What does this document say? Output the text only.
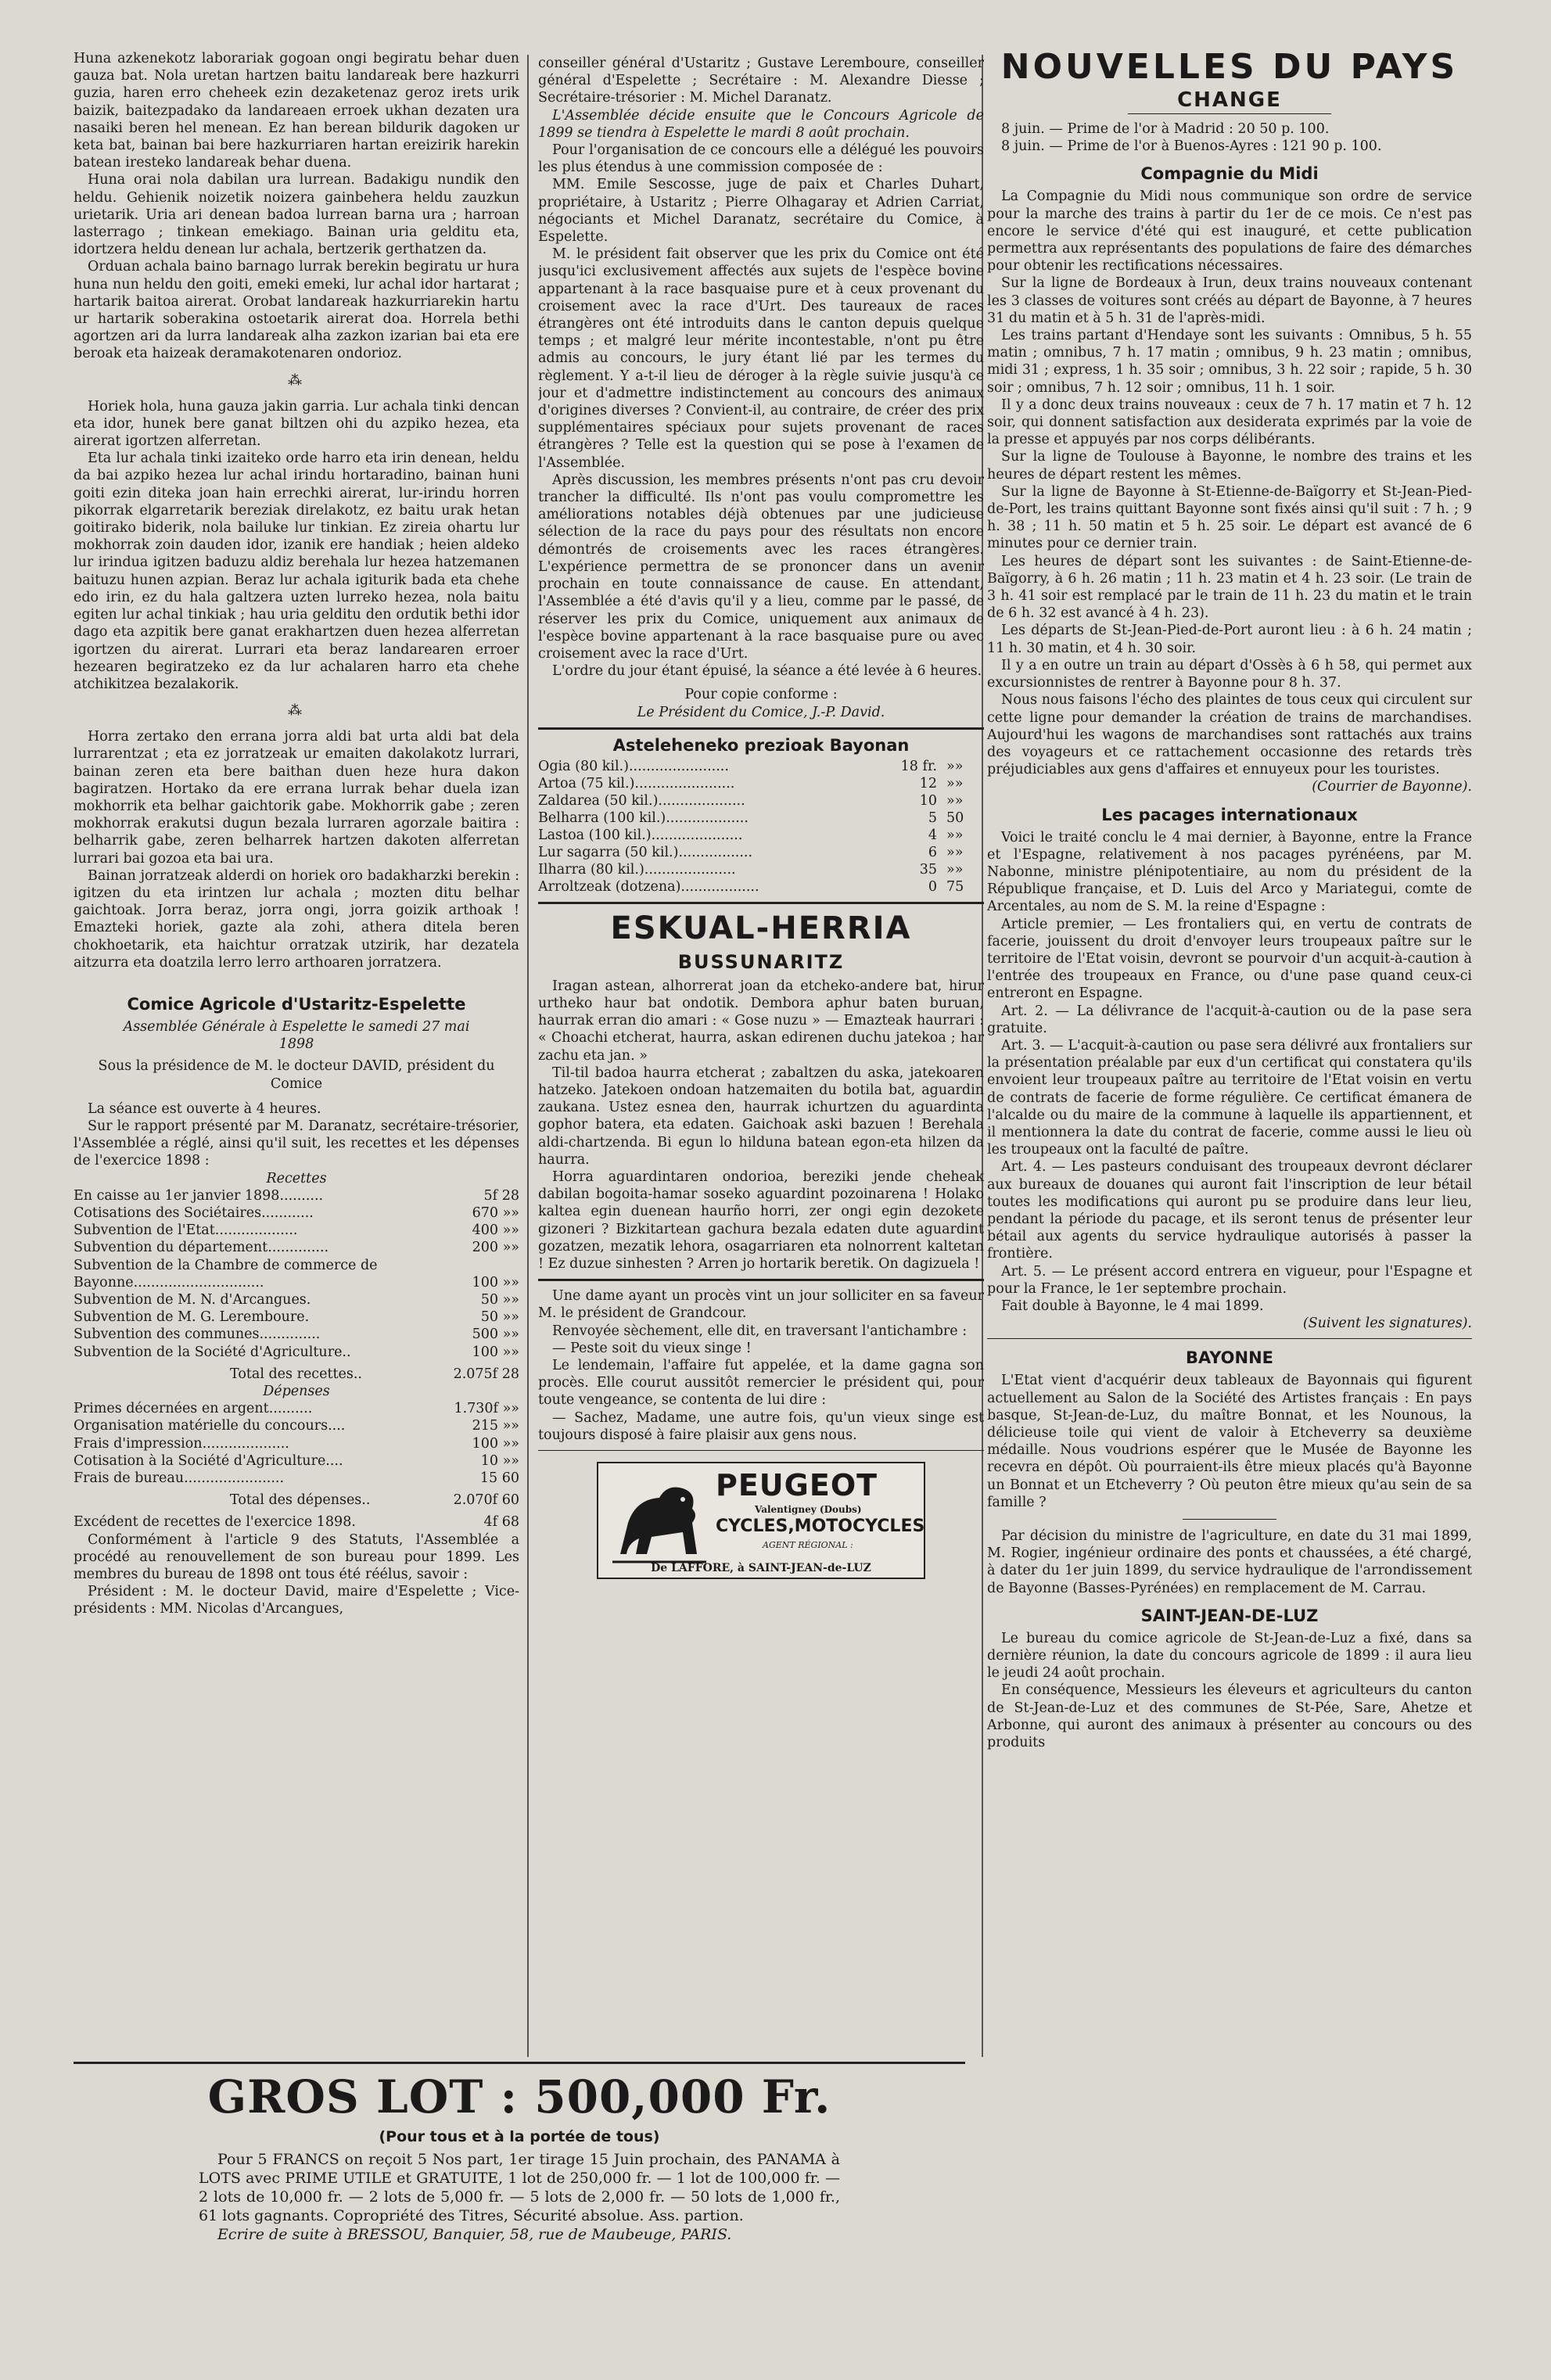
Huna azkenekotz laborariak gogoan ongi begiratu behar duen gauza bat. Nola uretan hartzen baitu landareak bere hazkurri guzia, haren erro cheheek ezin dezaketenaz geroz irets urik baizik, baitezpadako da landareaen erroek ukhan dezaten ura nasaiki beren hel menean. Ez han berean bildurik dagoken ur keta bat, bainan bai bere hazkurriaren hartan ereizirik harekin batean iresteko landareak behar duena.

Huna orai nola dabilan ura lurrean. Badakigu nundik den heldu. Gehienik noizetik noizera gainbehera heldu zauzkun urietarik. Uria ari denean badoa lurrean barna ura ; harroan lasterrago ; tinkean emekiago. Bainan uria gelditu eta, idortzera heldu denean lur achala, bertzerik gerthatzen da.

Orduan achala baino barnago lurrak berekin begiratu ur hura huna nun heldu den goiti, emeki emeki, lur achal idor hartarat ; hartarik baitoa airerat. Orobat landareak hazkurriarekin hartu ur hartarik soberakina ostoetarik airerat doa. Horrela bethi agortzen ari da lurra landareak alha zazkon izarian bai eta ere beroak eta haizeak deramakotenaren ondorioz.

⁂

Horiek hola, huna gauza jakin garria. Lur achala tinki dencan eta idor, hunek bere ganat biltzen ohi du azpiko hezea, eta airerat igortzen alferretan.

Eta lur achala tinki izaiteko orde harro eta irin denean, heldu da bai azpiko hezea lur achal irindu hortaradino, bainan huni goiti ezin diteka joan hain errechki airerat, lur-irindu horren pikorrak elgarretarik bereziak direlakotz, ez baitu urak hetan goitirako biderik, nola bailuke lur tinkian. Ez zireia ohartu lur mokhorrak zoin dauden idor, izanik ere handiak ; heien aldeko lur irindua igitzen baduzu aldiz berehala lur hezea hatzemanen baituzu hunen azpian. Beraz lur achala igiturik bada eta chehe edo irin, ez du hala galtzera uzten lurreko hezea, nola baitu egiten lur achal tinkiak ; hau uria gelditu den ordutik bethi idor dago eta azpitik bere ganat erakhartzen duen hezea alferretan igortzen du airerat. Lurrari eta beraz landarearen erroer hezearen begiratzeko ez da lur achalaren harro eta chehe atchikitzea bezalakorik.

⁂

Horra zertako den errana jorra aldi bat urta aldi bat dela lurrarentzat ; eta ez jorratzeak ur emaiten dakolakotz lurrari, bainan zeren eta bere baithan duen heze hura dakon bagiratzen. Hortako da ere errana lurrak behar duela izan mokhorrik eta belhar gaichtorik gabe. Mokhorrik gabe ; zeren mokhorrak erakutsi dugun bezala lurraren agorzale baitira : belharrik gabe, zeren belharrek hartzen dakoten alferretan lurrari bai gozoa eta bai ura.

Bainan jorratzeak alderdi on horiek oro badakharzki berekin : igitzen du eta irintzen lur achala ; mozten ditu belhar gaichtoak. Jorra beraz, jorra ongi, jorra goizik arthoak ! Emazteki horiek, gazte ala zohi, athera ditela beren chokhoetarik, eta haichtur orratzak utzirik, har dezatela aitzurra eta doatzila lerro lerro arthoaren jorratzera.

Comice Agricole d'Ustaritz-Espelette

Assemblée Générale à Espelette le samedi 27 mai 1898

Sous la présidence de M. le docteur DAVID, président du Comice

La séance est ouverte à 4 heures.

Sur le rapport présenté par M. Daranatz, secrétaire-trésorier, l'Assemblée a réglé, ainsi qu'il suit, les recettes et les dépenses de l'exercice 1898 :

Recettes

En caisse au 1er janvier 1898..........	5f 28
Cotisations des Sociétaires............	670 »»
Subvention de l'Etat...................	400 »»
Subvention du département..............	200 »»
Subvention de la Chambre de commerce de	
Bayonne..............................	100 »»
Subvention de M. N. d'Arcangues.	50 »»
Subvention de M. G. Leremboure.	50 »»
Subvention des communes..............	500 »»
Subvention de la Société d'Agriculture..	100 »»
Total des recettes..	2.075f 28

Dépenses

Primes décernées en argent..........	1.730f »»
Organisation matérielle du concours....	215 »»
Frais d'impression....................	100 »»
Cotisation à la Société d'Agriculture....	10 »»
Frais de bureau.......................	15 60
Total des dépenses..	2.070f 60
Excédent de recettes de l'exercice 1898.	4f 68

Conformément à l'article 9 des Statuts, l'Assemblée a procédé au renouvellement de son bureau pour 1899. Les membres du bureau de 1898 ont tous été réélus, savoir :

Président : M. le docteur David, maire d'Espelette ; Vice-présidents : MM. Nicolas d'Arcangues,

conseiller général d'Ustaritz ; Gustave Leremboure, conseiller général d'Espelette ; Secrétaire : M. Alexandre Diesse ; Secrétaire-trésorier : M. Michel Daranatz.

L'Assemblée décide ensuite que le Concours Agricole de 1899 se tiendra à Espelette le mardi 8 août prochain.

Pour l'organisation de ce concours elle a délégué les pouvoirs les plus étendus à une commission composée de :

MM. Emile Sescosse, juge de paix et Charles Duhart, propriétaire, à Ustaritz ; Pierre Olhagaray et Adrien Carriat, négociants et Michel Daranatz, secrétaire du Comice, à Espelette.

M. le président fait observer que les prix du Comice ont été jusqu'ici exclusivement affectés aux sujets de l'espèce bovine appartenant à la race basquaise pure et à ceux provenant du croisement avec la race d'Urt. Des taureaux de races étrangères ont été introduits dans le canton depuis quelque temps ; et malgré leur mérite incontestable, n'ont pu être admis au concours, le jury étant lié par les termes du règlement. Y a-t-il lieu de déroger à la règle suivie jusqu'à ce jour et d'admettre indistinctement au concours des animaux d'origines diverses ? Convient-il, au contraire, de créer des prix supplémentaires spéciaux pour sujets provenant de races étrangères ? Telle est la question qui se pose à l'examen de l'Assemblée.

Après discussion, les membres présents n'ont pas cru devoir trancher la difficulté. Ils n'ont pas voulu compromettre les améliorations notables déjà obtenues par une judicieuse sélection de la race du pays pour des résultats non encore démontrés de croisements avec les races étrangères. L'expérience permettra de se prononcer dans un avenir prochain en toute connaissance de cause. En attendant, l'Assemblée a été d'avis qu'il y a lieu, comme par le passé, de réserver les prix du Comice, uniquement aux animaux de l'espèce bovine appartenant à la race basquaise pure ou avec croisement avec la race d'Urt.

L'ordre du jour étant épuisé, la séance a été levée à 6 heures.

Pour copie conforme :

Le Président du Comice, J.-P. David.

Asteleheneko prezioak Bayonan
Ogia (80 kil.).......................	18 fr.	»»
Artoa (75 kil.).......................	12	»»
Zaldarea (50 kil.)....................	10	»»
Belharra (100 kil.)...................	5	50
Lastoa (100 kil.).....................	4	»»
Lur sagarra (50 kil.).................	6	»»
Ilharra (80 kil.).....................	35	»»
Arroltzeak (dotzena)..................	0	75
ESKUAL-HERRIA
BUSSUNARITZ

Iragan astean, alhorrerat joan da etcheko-andere bat, hirur urtheko haur bat ondotik. Dembora aphur baten buruan, haurrak erran dio amari : « Gose nuzu » — Emazteak haurrari : « Choachi etcherat, haurra, askan edirenen duchu jatekoa ; har zachu eta jan. »

Til-til badoa haurra etcherat ; zabaltzen du aska, jatekoaren hatzeko. Jatekoen ondoan hatzemaiten du botila bat, aguardin zaukana. Ustez esnea den, haurrak ichurtzen du aguardinta gophor batera, eta edaten. Gaichoak aski bazuen ! Berehala aldi-chartzenda. Bi egun lo hilduna batean egon-eta hilzen da haurra.

Horra aguardintaren ondorioa, bereziki jende cheheak dabilan bogoita-hamar soseko aguardint pozoinarena ! Holako kaltea egin duenean haurño horri, zer ongi egin dezokete gizoneri ? Bizkitartean gachura bezala edaten dute aguardint gozatzen, mezatik lehora, osagarriaren eta nolnorrent kaltetan ! Ez duzue sinhesten ? Arren jo hortarik beretik. On dagizuela !

Une dame ayant un procès vint un jour solliciter en sa faveur M. le président de Grandcour.

Renvoyée sèchement, elle dit, en traversant l'antichambre :

— Peste soit du vieux singe !

Le lendemain, l'affaire fut appelée, et la dame gagna son procès. Elle courut aussitôt remercier le président qui, pour toute vengeance, se contenta de lui dire :

— Sachez, Madame, une autre fois, qu'un vieux singe est toujours disposé à faire plaisir aux gens nous.

PEUGEOT
Valentigney (Doubs)
CYCLES,MOTOCYCLES
AGENT RÉGIONAL :
De LAFFORE, à SAINT-JEAN-de-LUZ
NOUVELLES DU PAYS
CHANGE

8 juin. — Prime de l'or à Madrid : 20 50 p. 100.

8 juin. — Prime de l'or à Buenos-Ayres : 121 90 p. 100.

Compagnie du Midi

La Compagnie du Midi nous communique son ordre de service pour la marche des trains à partir du 1er de ce mois. Ce n'est pas encore le service d'été qui est inauguré, et cette publication permettra aux représentants des populations de faire des démarches pour obtenir les rectifications nécessaires.

Sur la ligne de Bordeaux à Irun, deux trains nouveaux contenant les 3 classes de voitures sont créés au départ de Bayonne, à 7 heures 31 du matin et à 5 h. 31 de l'après-midi.

Les trains partant d'Hendaye sont les suivants : Omnibus, 5 h. 55 matin ; omnibus, 7 h. 17 matin ; omnibus, 9 h. 23 matin ; omnibus, midi 31 ; express, 1 h. 35 soir ; omnibus, 3 h. 22 soir ; rapide, 5 h. 30 soir ; omnibus, 7 h. 12 soir ; omnibus, 11 h. 1 soir.

Il y a donc deux trains nouveaux : ceux de 7 h. 17 matin et 7 h. 12 soir, qui donnent satisfaction aux desiderata exprimés par la voie de la presse et appuyés par nos corps délibérants.

Sur la ligne de Toulouse à Bayonne, le nombre des trains et les heures de départ restent les mêmes.

Sur la ligne de Bayonne à St-Etienne-de-Baïgorry et St-Jean-Pied-de-Port, les trains quittant Bayonne sont fixés ainsi qu'il suit : 7 h. ; 9 h. 38 ; 11 h. 50 matin et 5 h. 25 soir. Le départ est avancé de 6 minutes pour ce dernier train.

Les heures de départ sont les suivantes : de Saint-Etienne-de-Baïgorry, à 6 h. 26 matin ; 11 h. 23 matin et 4 h. 23 soir. (Le train de 3 h. 41 soir est remplacé par le train de 11 h. 23 du matin et le train de 6 h. 32 est avancé à 4 h. 23).

Les départs de St-Jean-Pied-de-Port auront lieu : à 6 h. 24 matin ; 11 h. 30 matin, et 4 h. 30 soir.

Il y a en outre un train au départ d'Ossès à 6 h 58, qui permet aux excursionnistes de rentrer à Bayonne pour 8 h. 37.

Nous nous faisons l'écho des plaintes de tous ceux qui circulent sur cette ligne pour demander la création de trains de marchandises. Aujourd'hui les wagons de marchandises sont rattachés aux trains des voyageurs et ce rattachement occasionne des retards très préjudiciables aux gens d'affaires et ennuyeux pour les touristes.

(Courrier de Bayonne).

Les pacages internationaux

Voici le traité conclu le 4 mai dernier, à Bayonne, entre la France et l'Espagne, relativement à nos pacages pyrénéens, par M. Nabonne, ministre plénipotentiaire, au nom du président de la République française, et D. Luis del Arco y Mariategui, comte de Arcentales, au nom de S. M. la reine d'Espagne :

Article premier, — Les frontaliers qui, en vertu de contrats de facerie, jouissent du droit d'envoyer leurs troupeaux paître sur le territoire de l'Etat voisin, devront se pourvoir d'un acquit-à-caution à l'entrée des troupeaux en France, ou d'une pase quand ceux-ci entreront en Espagne.

Art. 2. — La délivrance de l'acquit-à-caution ou de la pase sera gratuite.

Art. 3. — L'acquit-à-caution ou pase sera délivré aux frontaliers sur la présentation préalable par eux d'un certificat qui constatera qu'ils envoient leur troupeaux paître au territoire de l'Etat voisin en vertu de contrats de facerie de forme régulière. Ce certificat émanera de l'alcalde ou du maire de la commune à laquelle ils appartiennent, et il mentionnera la date du contrat de facerie, comme aussi le lieu où les troupeaux ont la faculté de paître.

Art. 4. — Les pasteurs conduisant des troupeaux devront déclarer aux bureaux de douanes qui auront fait l'inscription de leur bétail toutes les modifications qui auront pu se produire dans leur lieu, pendant la période du pacage, et ils seront tenus de présenter leur bétail aux agents du service hydraulique autorisés à passer la frontière.

Art. 5. — Le présent accord entrera en vigueur, pour l'Espagne et pour la France, le 1er septembre prochain.

Fait double à Bayonne, le 4 mai 1899.

(Suivent les signatures).

BAYONNE

L'Etat vient d'acquérir deux tableaux de Bayonnais qui figurent actuellement au Salon de la Société des Artistes français : En pays basque, St-Jean-de-Luz, du maître Bonnat, et les Nounous, la délicieuse toile qui vient de valoir à Etcheverry sa deuxième médaille. Nous voudrions espérer que le Musée de Bayonne les recevra en dépôt. Où pourraient-ils être mieux placés qu'à Bayonne un Bonnat et un Etcheverry ? Où peuton être mieux qu'au sein de sa famille ?

Par décision du ministre de l'agriculture, en date du 31 mai 1899, M. Rogier, ingénieur ordinaire des ponts et chaussées, a été chargé, à dater du 1er juin 1899, du service hydraulique de l'arrondissement de Bayonne (Basses-Pyrénées) en remplacement de M. Carrau.

SAINT-JEAN-DE-LUZ

Le bureau du comice agricole de St-Jean-de-Luz a fixé, dans sa dernière réunion, la date du concours agricole de 1899 : il aura lieu le jeudi 24 août prochain.

En conséquence, Messieurs les éleveurs et agriculteurs du canton de St-Jean-de-Luz et des communes de St-Pée, Sare, Ahetze et Arbonne, qui auront des animaux à présenter au concours ou des produits

GROS LOT : 500,000 Fr.
(Pour tous et à la portée de tous)

Pour 5 FRANCS on reçoit 5 Nos part, 1er tirage 15 Juin prochain, des PANAMA à LOTS avec PRIME UTILE et GRATUITE, 1 lot de 250,000 fr. — 1 lot de 100,000 fr. — 2 lots de 10,000 fr. — 2 lots de 5,000 fr. — 5 lots de 2,000 fr. — 50 lots de 1,000 fr., 61 lots gagnants. Copropriété des Titres, Sécurité absolue. Ass. partion.

Ecrire de suite à BRESSOU, Banquier, 58, rue de Maubeuge, PARIS.
